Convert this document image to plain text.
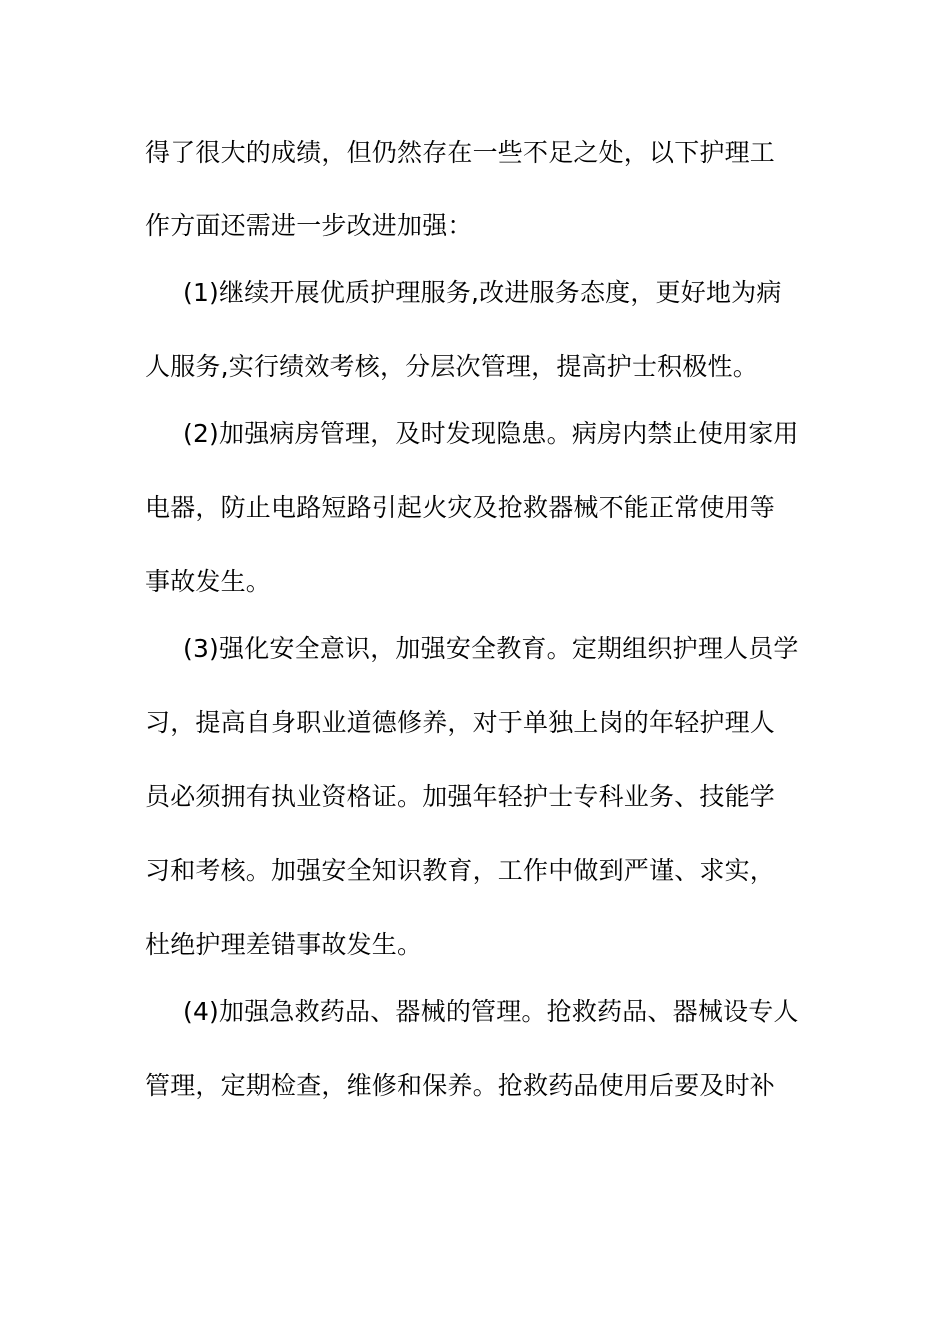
得了很大的成绩，但仍然存在一些不足之处，以下护理工
作方面还需进一步改进加强：
(1)继续开展优质护理服务,改进服务态度，更好地为病
人服务,实行绩效考核，分层次管理，提高护士积极性。
(2)加强病房管理，及时发现隐患。病房内禁止使用家用
电器，防止电路短路引起火灾及抢救器械不能正常使用等
事故发生。
(3)强化安全意识，加强安全教育。定期组织护理人员学
习，提高自身职业道德修养，对于单独上岗的年轻护理人
员必须拥有执业资格证。加强年轻护士专科业务、技能学
习和考核。加强安全知识教育，工作中做到严谨、求实，
杜绝护理差错事故发生。
(4)加强急救药品、器械的管理。抢救药品、器械设专人
管理，定期检查，维修和保养。抢救药品使用后要及时补
